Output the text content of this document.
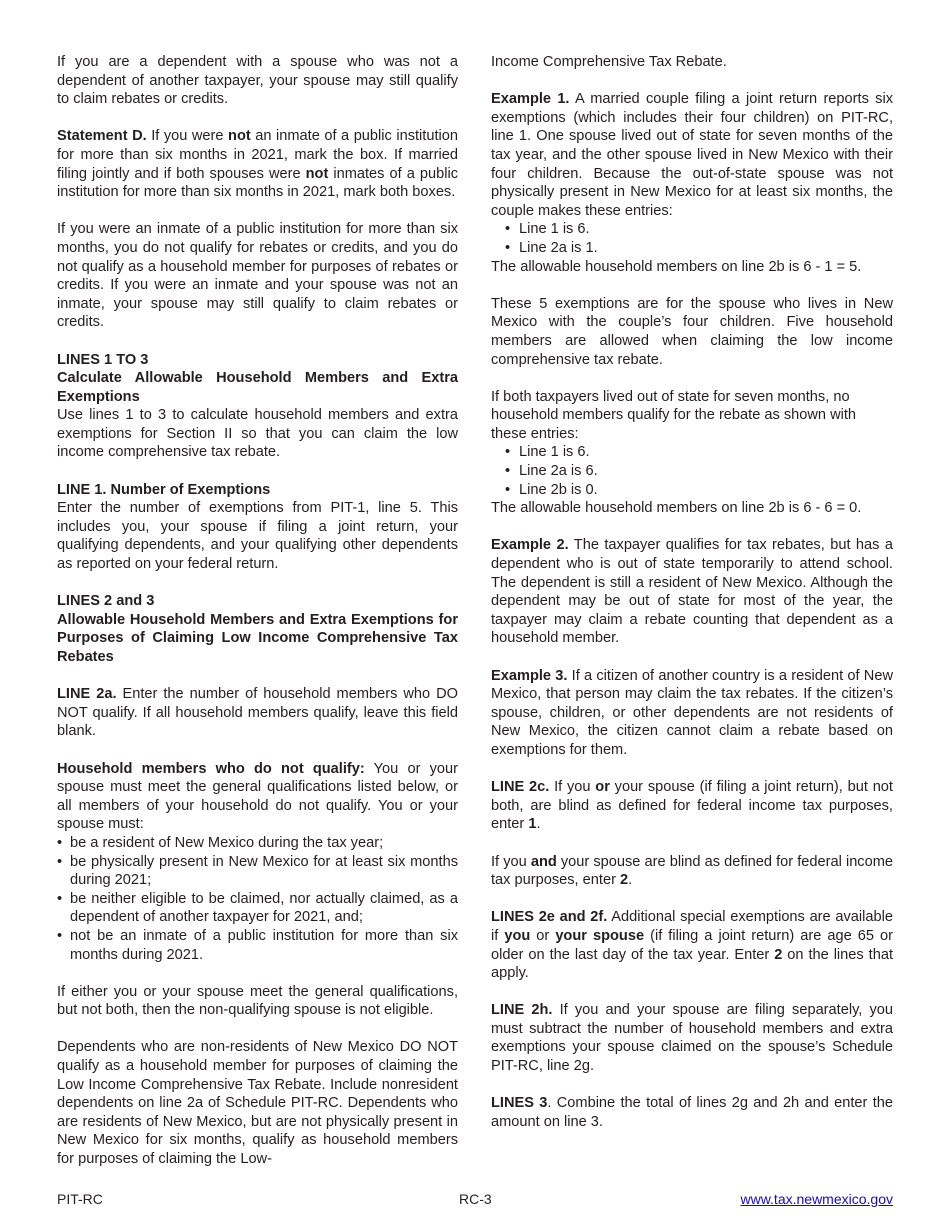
If you are a dependent with a spouse who was not a dependent of another taxpayer, your spouse may still qualify to claim rebates or credits.

Statement D. If you were not an inmate of a public institution for more than six months in 2021, mark the box. If married filing jointly and if both spouses were not inmates of a public institution for more than six months in 2021, mark both boxes.

If you were an inmate of a public institution for more than six months, you do not qualify for rebates or credits, and you do not qualify as a household member for purposes of rebates or credits. If you were an inmate and your spouse was not an inmate, your spouse may still qualify to claim rebates or credits.

LINES 1 TO 3
Calculate Allowable Household Members and Extra Exemptions

Use lines 1 to 3 to calculate household members and extra exemptions for Section II so that you can claim the low income comprehensive tax rebate.

LINE 1. Number of Exemptions

Enter the number of exemptions from PIT-1, line 5. This includes you, your spouse if filing a joint return, your qualifying dependents, and your qualifying other dependents as reported on your federal return.

LINES 2 and 3
Allowable Household Members and Extra Exemptions for Purposes of Claiming Low Income Comprehensive Tax Rebates

LINE 2a. Enter the number of household members who DO NOT qualify. If all household members qualify, leave this field blank.

Household members who do not qualify: You or your spouse must meet the general qualifications listed below, or all members of your household do not qualify. You or your spouse must:

• be a resident of New Mexico during the tax year;
• be physically present in New Mexico for at least six months during 2021;
• be neither eligible to be claimed, nor actually claimed, as a dependent of another taxpayer for 2021, and;
• not be an inmate of a public institution for more than six months during 2021.

If either you or your spouse meet the general qualifications, but not both, then the non-qualifying spouse is not eligible.

Dependents who are non-residents of New Mexico DO NOT qualify as a household member for purposes of claiming the Low Income Comprehensive Tax Rebate. Include nonresident dependents on line 2a of Schedule PIT-RC. Dependents who are residents of New Mexico, but are not physically present in New Mexico for six months, qualify as household members for purposes of claiming the Low-

Income Comprehensive Tax Rebate.

Example 1. A married couple filing a joint return reports six exemptions (which includes their four children) on PIT-RC, line 1. One spouse lived out of state for seven months of the tax year, and the other spouse lived in New Mexico with their four children. Because the out-of-state spouse was not physically present in New Mexico for at least six months, the couple makes these entries:

• Line 1 is 6.
• Line 2a is 1.

The allowable household members on line 2b is 6 - 1 = 5.

These 5 exemptions are for the spouse who lives in New Mexico with the couple’s four children. Five household members are allowed when claiming the low income comprehensive tax rebate.

If both taxpayers lived out of state for seven months, no household members qualify for the rebate as shown with these entries:

• Line 1 is 6.
• Line 2a is 6.
• Line 2b is 0.

The allowable household members on line 2b is 6 - 6 = 0.

Example 2. The taxpayer qualifies for tax rebates, but has a dependent who is out of state temporarily to attend school. The dependent is still a resident of New Mexico. Although the dependent may be out of state for most of the year, the taxpayer may claim a rebate counting that dependent as a household member.

Example 3. If a citizen of another country is a resident of New Mexico, that person may claim the tax rebates. If the citizen’s spouse, children, or other dependents are not residents of New Mexico, the citizen cannot claim a rebate based on exemptions for them.

LINE 2c. If you or your spouse (if filing a joint return), but not both, are blind as defined for federal income tax purposes, enter 1.

If you and your spouse are blind as defined for federal income tax purposes, enter 2.

LINES 2e and 2f. Additional special exemptions are available if you or your spouse (if filing a joint return) are age 65 or older on the last day of the tax year. Enter 2 on the lines that apply.

LINE 2h. If you and your spouse are filing separately, you must subtract the number of household members and extra exemptions your spouse claimed on the spouse’s Schedule PIT-RC, line 2g.

LINES 3. Combine the total of lines 2g and 2h and enter the amount on line 3.

PIT-RC	RC-3	www.tax.newmexico.gov
